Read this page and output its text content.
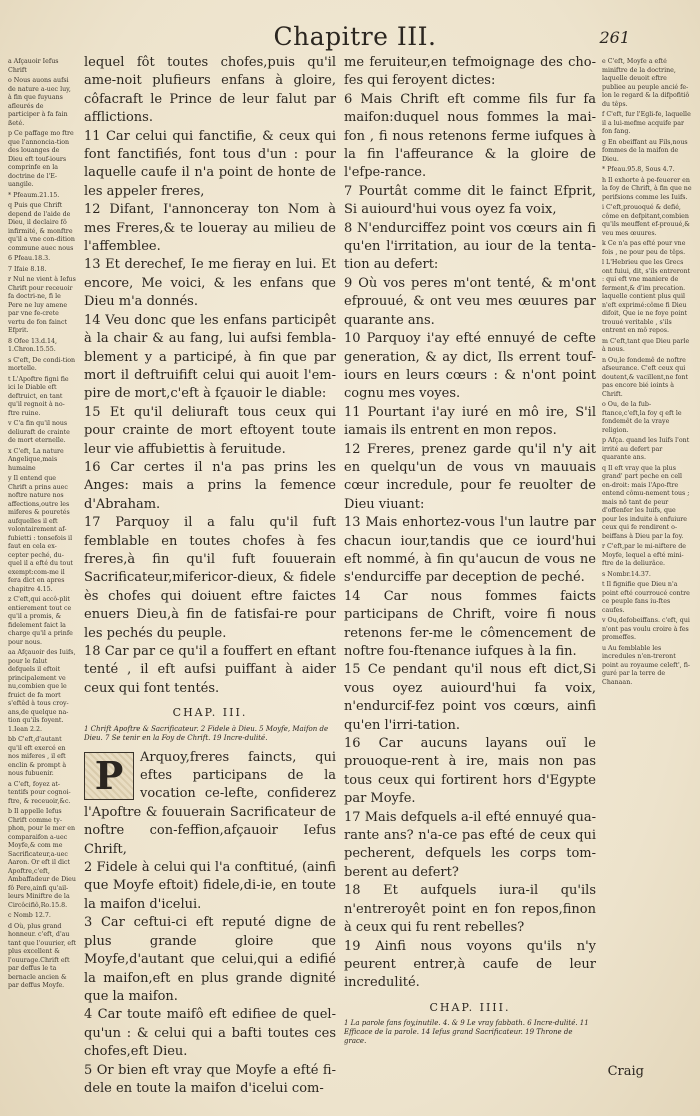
Chapitre III.	261
a Afçauoir Iefus Chrift
o Nous auons aufsi de nature a-uec luy, à fin que fuyuans afleurés de participer à fa fain ßeté.
p Ce paffage mo ftre que l'annoncia-tion des louanges de Dieu eft touf-iours comprinfe en la doctrine de l'E-uangile.
* Pfeaum.21.15.
q Puis que Chrift depend de l'aide de Dieu, il declaire fô infirmité, & monftre qu'il a vne con-dition commune auec nous
6 Pfeau.18.3.
7 Ifaie 8.18.
r Nul ne vient à Iefus Chrift pour receuoir fa doctri-ne, fi le Pere ne luy amene par vne fe-crete vertu de fon fainct Efprit.
8 Ofee 13.d.14, 1.Chron.15.55.
s C'eft, De condi-tion mortelle.
t L'Apoftre figni fie ici le Diable eft deftruict, en tant qu'il regnoit à no-ftre ruine.
v C'a fin qu'il nous deliuraft de crainte de mort eternelle.
x C'eft, La nature Angelique,mais humaine
y Il entend que Chrift a prins auec noftre nature nos affections,outre les miferes & pouretés aufquelles il eft volontairement af-fubietti : tonsefois il faut en cela ex-cepter peché, du-quel il a efté du tout exempt:com-me il fera dict en apres chapitre 4.15.
z C'eft,qui accô-plit entierement tout ce qu'il a promis, & fidelement faict la charge qu'il a prinfe pour nous.
aa Afçauoir des Iuifs, pour le falut defquels il eftoit principalement ve nu,combien que le fruict de fa mort s'eftêd à tous croy-ans,de quelque na-tion qu'ils foyent. 1.Iean 2.2.
bb C'eft,d'autant qu'il eft exercé en nos miferes , il eft enclin & prompt à nous fubuenir.
a C'eft, foyez at-tentifs pour cognoi-ftre, & receuoir,&c.
b Il appelle Iefus Chrift comme ty-phon, pour le mer en comparaifon a-uec Moyfe,& com me Sacrificateur,a-uec Aaron. Or eft il dict Apoftre,c'eft, Ambaffadeur de Dieu fô Pere,ainfi qu'ail-leurs Miniftre de la Circôcifiô,Ro.15.8.
c Nomb 12.7.
d Où, plus grand honneur. c'eft, d'au tant que l'ouurier, eft plus excellent & l'ouurage.Chrift eft par deffus le ta bernacle ancien & par deffus Moyfe.
lequel fôt toutes chofes,puis qu'il ame-noit plufieurs enfans à gloire, côfacraft le Prince de leur falut par afflictions.
11 Car celui qui fanctifie, & ceux qui font fanctifiés, font tous d'un : pour laquelle caufe il n'a point de honte de les appeler freres,
12 Difant, I'annonceray ton Nom à mes Freres,& te loueray au milieu de l'affemblee.
13 Et derechef, Ie me fieray en lui. Et encore, Me voici, & les enfans que Dieu m'a donnés.
14 Veu donc que les enfans participêt à la chair & au fang, lui aufsi fembla-blement y a participé, à fin que par mort il deftruifift celui qui auoit l'em-pire de mort,c'eft à fçauoir le diable:
15 Et qu'il deliuraft tous ceux qui pour crainte de mort eftoyent toute leur vie affubiettis à feruitude.
16 Car certes il n'a pas prins les Anges: mais a prins la femence d'Abraham.
17 Parquoy il a falu qu'il fuft femblable en toutes chofes à fes freres,à fin qu'il fuft fouuerain Sacrificateur,mifericor-dieux, & fidele ès chofes qui doiuent eftre faictes enuers Dieu,à fin de fatisfai-re pour les pechés du peuple.
18 Car par ce qu'il a fouffert en eftant tenté , il eft aufsi puiffant à aider ceux qui font tentés.
CHAP. III.
1 Chrift Apoftre & Sacrificateur. 2 Fidele à Dieu. 5 Moyfe, Maifon de Dieu. 7 Se tenir en la Foy de Chrift. 19 Incre-dulité.
P	Arquoy,freres faincts, qui eftes participans de la vocation ce-lefte, confiderez l'Apoftre & fouuerain Sacrificateur de noftre con-feffion,afçauoir Iefus Chrift,
2 Fidele à celui qui l'a conftitué, (ainfi que Moyfe eftoit) fidele,di-ie, en toute la maifon d'icelui.
3 Car ceftui-ci eft reputé digne de plus grande gloire que Moyfe,d'autant que celui,qui a edifié la maifon,eft en plus grande dignité que la maifon.
4 Car toute maifô eft edifiee de quel-qu'un : & celui qui a bafti toutes ces chofes,eft Dieu.
5 Or bien eft vray que Moyfe a efté fi-dele en toute la maifon d'icelui com-
me feruiteur,en tefmoignage des cho-fes qui feroyent dictes:
6 Mais Chrift eft comme fils fur fa maifon:duquel nous fommes la mai-fon , fi nous retenons ferme iufques à la fin l'affeurance & la gloire de l'efpe-rance.
7 Pourtât comme dit le fainct Efprit, Si auiourd'hui vous oyez fa voix,
8 N'endurciffez point vos cœurs ain fi qu'en l'irritation, au iour de la tenta-tion au defert:
9 Où vos peres m'ont tenté, & m'ont efprouué, & ont veu mes œuures par quarante ans.
10 Parquoy i'ay efté ennuyé de cefte generation, & ay dict, Ils errent touf-iours en leurs cœurs : & n'ont point cognu mes voyes.
11 Pourtant i'ay iuré en mô ire, S'il iamais ils entrent en mon repos.
12 Freres, prenez garde qu'il n'y ait en quelqu'un de vous vn mauuais cœur incredule, pour fe reuolter de Dieu viuant:
13 Mais enhortez-vous l'un lautre par chacun iour,tandis que ce iourd'hui eft nommé, à fin qu'aucun de vous ne s'endurciffe par deception de peché.
14 Car nous fommes faicts participans de Chrift, voire fi nous retenons fer-me le cômencement de noftre fou-ftenance iufques à la fin.
15 Ce pendant qu'il nous eft dict,Si vous oyez auiourd'hui fa voix, n'endurcif-fez point vos cœurs, ainfi qu'en l'irri-tation.
16 Car aucuns layans ouï le prouoque-rent à ire, mais non pas tous ceux qui fortirent hors d'Egypte par Moyfe.
17 Mais defquels a-il efté ennuyé qua-rante ans? n'a-ce pas efté de ceux qui pecherent, defquels les corps tom-berent au defert?
18 Et aufquels iura-il qu'ils n'entreroyêt point en fon repos,finon à ceux qui fu rent rebelles?
19 Ainfi nous voyons qu'ils n'y peurent entrer,à caufe de leur incredulité.
CHAP. IIII.
1 La parole fans foy,inutile. 4. & 9 Le vray fabbath. 6 Incre-dulité. 11 Efficace de la parole. 14 Iefus grand Sacrificateur. 19 Throne de grace.
e C'eft, Moyfe a efté miniftre de la doctrine, laquelle deuoit eftre publiee au peuple ancié fe-lon le regard & la difpofitiô du têps.
f C'eft, fur l'Egli-fe, laquelle il a lui-mefme acquife par fon fang.
g En obeiffant au Fils,nous fommes de la maifon de Dieu.
* Pfeau.95.8, Sous 4.7.
h Il exhorte à pe-feuerer en la foy de Chrift, à fin que ne perifsions comme les Iuifs.
i C'eft,prouoqué & defié, côme en defpitant,combien qu'ils meuffent ef-prouué,& veu mes œuures.
k Ce n'a pas efté pour vne fois , ne pour peu de têps.
l L'Hebrieu que les Grecs ont fuiui, dit, s'ils entreront : qui eft vne maniere de ferment,& d'im precation. laquelle contient plus quil n'eft exprimé:côme fi Dieu difoit, Que ie ne foye point trouué veritable , s'ils entrent en mô repos.
m C'eft,tant que Dieu parle à nous.
n Ou,le fondemê de noftre afseurance. C'eft ceux qui doutent,& vacillent,ne font pas encore bié ioints à Chrift.
o Ou, de la fub-ftance,c'eft,la foy q eft le fondemêt de la vraye religion.
p Afça. quand les Iuifs l'ont irrité au defert par quarante ans.
q Il eft vray que la plus grand' part peche en cell en-droit: mais l'Apo-ftre entend cômu-nement tous ; mais nô tant de peur d'offenfer les Iuifs, que pour les induite à enfuiure ceux qui fe rendirent o-beiffans à Dieu par la foy.
r C'eft,par le mi-niftere de Moyfe, lequel a efté mini-ftre de la deliurâce.
s Nombr.14.37.
t Il fignifie que Dieu n'a point efté courroucé contre ce peuple fans iu-ftes caufes.
v Ou,defobeiffans. c'eft, qui n'ont pas voulu croire à fes promeffes.
u Au femblable les incredules n'en-treront point au royaume celeft', fi-guré par la terre de Chanaan.
Craig
